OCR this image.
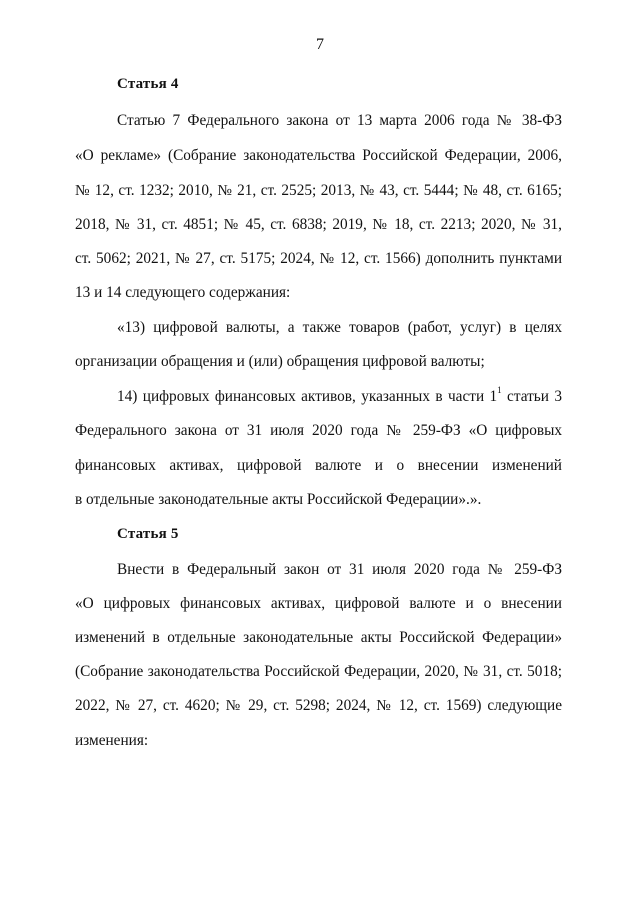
7
Статья 4
Статью 7 Федерального закона от 13 марта 2006 года № 38-ФЗ
«О рекламе» (Собрание законодательства Российской Федерации, 2006,
№ 12, ст. 1232; 2010, № 21, ст. 2525; 2013, № 43, ст. 5444; № 48, ст. 6165;
2018, № 31, ст. 4851; № 45, ст. 6838; 2019, № 18, ст. 2213; 2020, № 31,
ст. 5062; 2021, № 27, ст. 5175; 2024, № 12, ст. 1566) дополнить пунктами
13 и 14 следующего содержания:
«13) цифровой валюты, а также товаров (работ, услуг) в целях
организации обращения и (или) обращения цифровой валюты;
14) цифровых финансовых активов, указанных в части $1^1$ статьи 3
Федерального закона от 31 июля 2020 года № 259-ФЗ «О цифровых
финансовых активах, цифровой валюте и о внесении изменений
в отдельные законодательные акты Российской Федерации».».
Статья 5
Внести в Федеральный закон от 31 июля 2020 года № 259-ФЗ
«О цифровых финансовых активах, цифровой валюте и о внесении
изменений в отдельные законодательные акты Российской Федерации»
(Собрание законодательства Российской Федерации, 2020, № 31, ст. 5018;
2022, № 27, ст. 4620; № 29, ст. 5298; 2024, № 12, ст. 1569) следующие
изменения:
